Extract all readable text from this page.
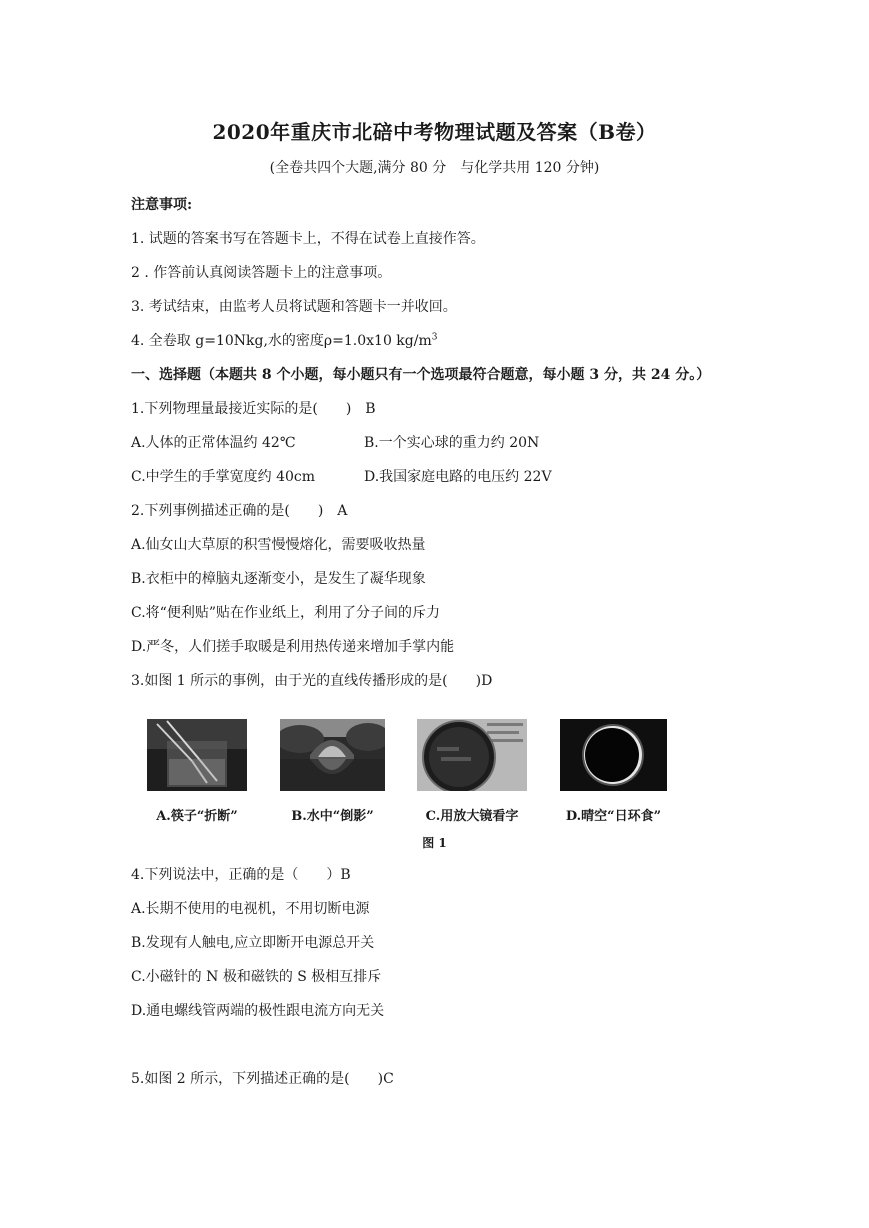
2020年重庆市北碚中考物理试题及答案（B卷）
(全卷共四个大题,满分 80 分　与化学共用 120 分钟)
注意事项:
1. 试题的答案书写在答题卡上，不得在试卷上直接作答。
2 . 作答前认真阅读答题卡上的注意事项。
3. 考试结束，由监考人员将试题和答题卡一并收回。
4. 全卷取 g=10Nkg,水的密度ρ=1.0x10 $kg/m^3$
一、选择题（本题共 8 个小题，每小题只有一个选项最符合题意，每小题 3 分，共 24 分。）
1.下列物理量最接近实际的是(　　)　B
A.人体的正常体温约 42℃	B.一个实心球的重力约 20N
C.中学生的手掌宽度约 40cm	D.我国家庭电路的电压约 22V
2.下列事例描述正确的是(　　)　A
A.仙女山大草原的积雪慢慢熔化，需要吸收热量
B.衣柜中的樟脑丸逐渐变小，是发生了凝华现象
C.将“便利贴”贴在作业纸上，利用了分子间的斥力
D.严冬，人们搓手取暖是利用热传递来增加手掌内能
3.如图 1 所示的事例，由于光的直线传播形成的是(　　)D
A.筷子“折断”	B.水中“倒影”	C.用放大镜看字	D.晴空“日环食”
图 1
4.下列说法中，正确的是（　　）B
A.长期不使用的电视机，不用切断电源
B.发现有人触电,应立即断开电源总开关
C.小磁针的 N 极和磁铁的 S 极相互排斥
D.通电螺线管两端的极性跟电流方向无关
5.如图 2 所示，下列描述正确的是(　　)C
